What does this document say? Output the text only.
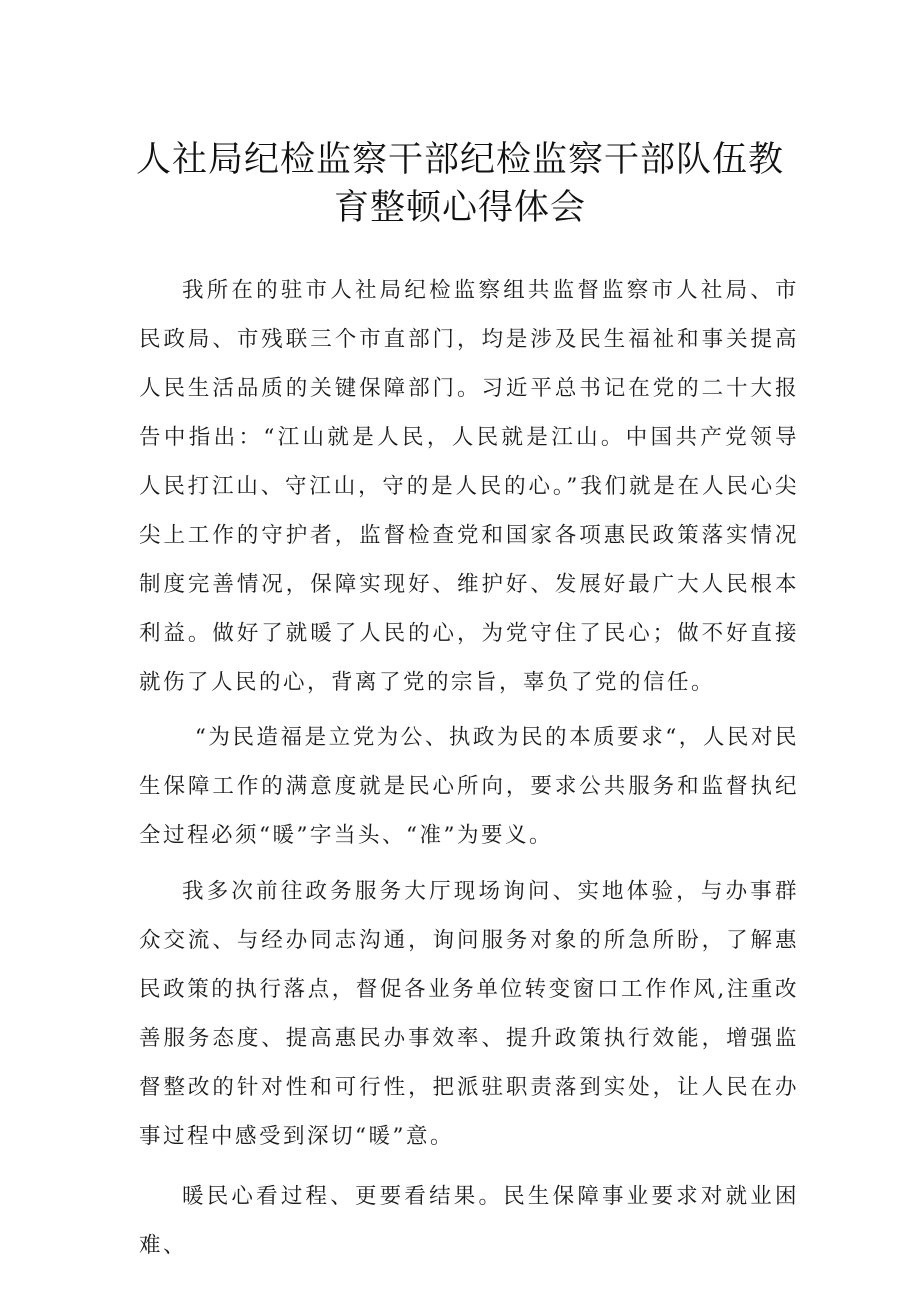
人社局纪检监察干部纪检监察干部队伍教
育整顿心得体会

我所在的驻市人社局纪检监察组共监督监察市人社局、市民政局、市残联三个市直部门，均是涉及民生福祉和事关提高人民生活品质的关键保障部门。习近平总书记在党的二十大报告中指出：“江山就是人民，人民就是江山。中国共产党领导人民打江山、守江山，守的是人民的心。”我们就是在人民心尖尖上工作的守护者，监督检查党和国家各项惠民政策落实情况制度完善情况，保障实现好、维护好、发展好最广大人民根本利益。做好了就暖了人民的心，为党守住了民心；做不好直接就伤了人民的心，背离了党的宗旨，辜负了党的信任。

“为民造福是立党为公、执政为民的本质要求“，人民对民生保障工作的满意度就是民心所向，要求公共服务和监督执纪全过程必须“暖”字当头、“准”为要义。

我多次前往政务服务大厅现场询问、实地体验，与办事群众交流、与经办同志沟通，询问服务对象的所急所盼，了解惠民政策的执行落点，督促各业务单位转变窗口工作作风,注重改善服务态度、提高惠民办事效率、提升政策执行效能，增强监督整改的针对性和可行性，把派驻职责落到实处，让人民在办事过程中感受到深切“暖”意。

暖民心看过程、更要看结果。民生保障事业要求对就业困难、
